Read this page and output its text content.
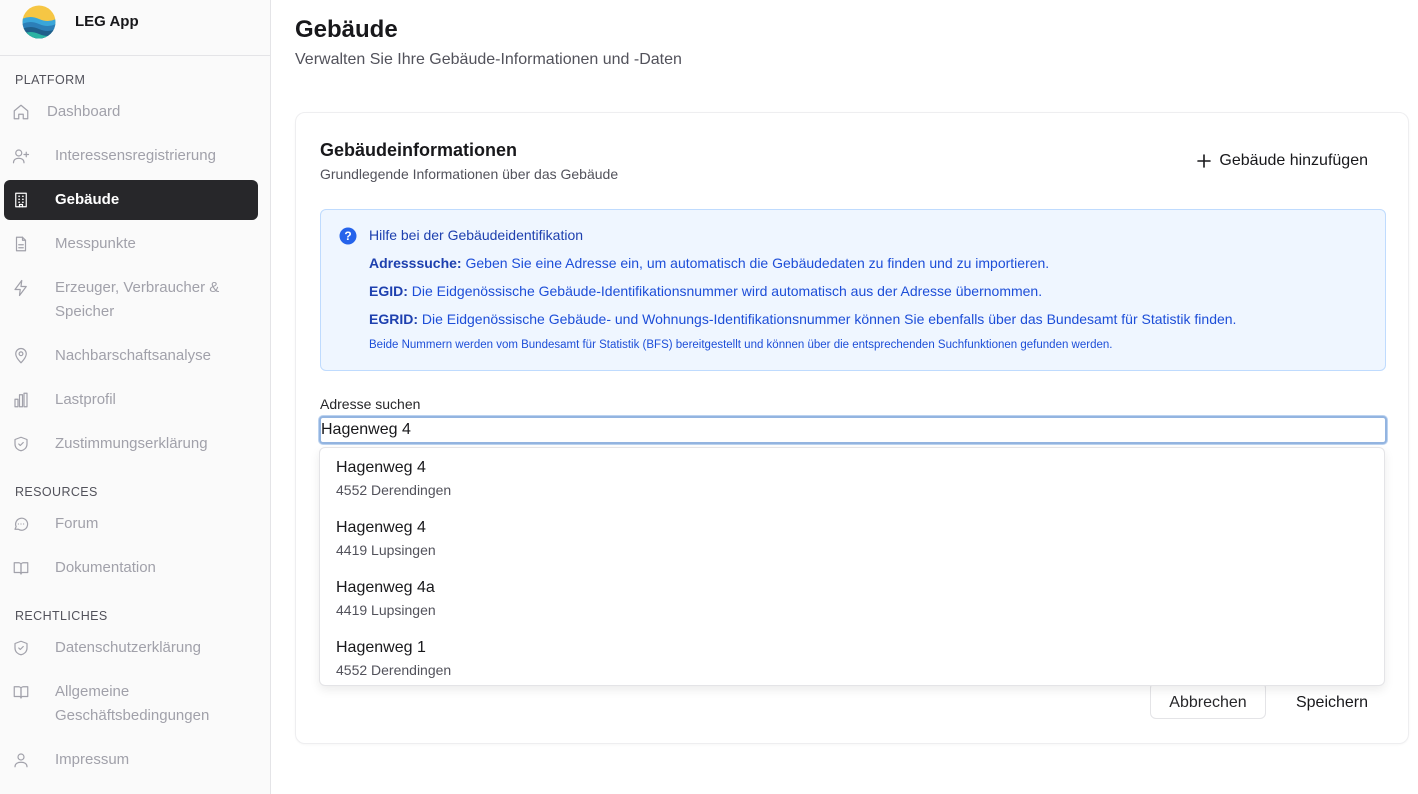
LEG App
PLATFORM
Dashboard
Interessensregistrierung
Gebäude
Messpunkte
Erzeuger, Verbraucher & Speicher
Nachbarschaftsanalyse
Lastprofil
Zustimmungserklärung
RESOURCES
Forum
Dokumentation
RECHTLICHES
Datenschutzerklärung
Allgemeine Geschäftsbedingungen
Impressum
Gebäude
Verwalten Sie Ihre Gebäude-Informationen und -Daten
Gebäudeinformationen
Grundlegende Informationen über das Gebäude
Gebäude hinzufügen
? Hilfe bei der Gebäudeidentifikation
Adresssuche: Geben Sie eine Adresse ein, um automatisch die Gebäudedaten zu finden und zu importieren.
EGID: Die Eidgenössische Gebäude-Identifikationsnummer wird automatisch aus der Adresse übernommen.
EGRID: Die Eidgenössische Gebäude- und Wohnungs-Identifikationsnummer können Sie ebenfalls über das Bundesamt für Statistik finden.
Beide Nummern werden vom Bundesamt für Statistik (BFS) bereitgestellt und können über die entsprechenden Suchfunktionen gefunden werden.
Adresse suchen
Hagenweg 4
Abbrechen	Speichern
Hagenweg 4
4552 Derendingen
Hagenweg 4
4419 Lupsingen
Hagenweg 4a
4419 Lupsingen
Hagenweg 1
4552 Derendingen
